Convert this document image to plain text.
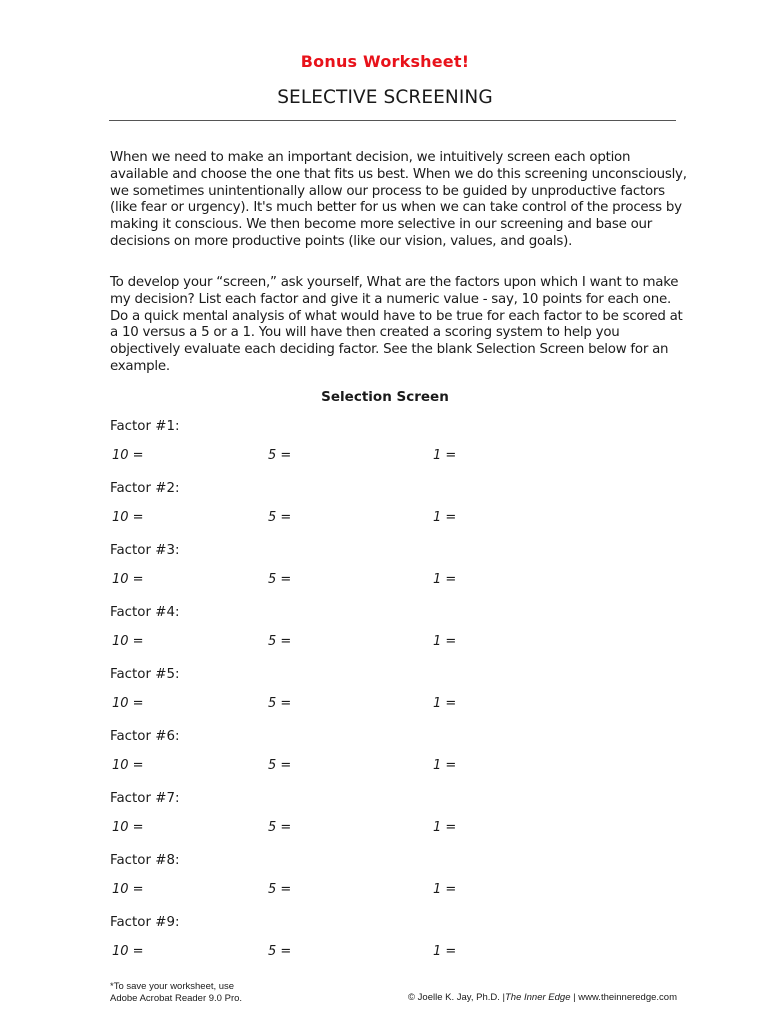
Bonus Worksheet!
SELECTIVE SCREENING
When we need to make an important decision, we intuitively screen each option
available and choose the one that fits us best. When we do this screening unconsciously,
we sometimes unintentionally allow our process to be guided by unproductive factors
(like fear or urgency). It's much better for us when we can take control of the process by
making it conscious. We then become more selective in our screening and base our
decisions on more productive points (like our vision, values, and goals).
To develop your “screen,” ask yourself, What are the factors upon which I want to make
my decision? List each factor and give it a numeric value - say, 10 points for each one.
Do a quick mental analysis of what would have to be true for each factor to be scored at
a 10 versus a 5 or a 1. You will have then created a scoring system to help you
objectively evaluate each deciding factor. See the blank Selection Screen below for an
example.
Selection Screen
Factor #1:
10 =	5 =	1 =
Factor #2:
10 =	5 =	1 =
Factor #3:
10 =	5 =	1 =
Factor #4:
10 =	5 =	1 =
Factor #5:
10 =	5 =	1 =
Factor #6:
10 =	5 =	1 =
Factor #7:
10 =	5 =	1 =
Factor #8:
10 =	5 =	1 =
Factor #9:
10 =	5 =	1 =
*To save your worksheet, use
Adobe Acrobat Reader 9.0 Pro.	© Joelle K. Jay, Ph.D. |The Inner Edge | www.theinneredge.com
